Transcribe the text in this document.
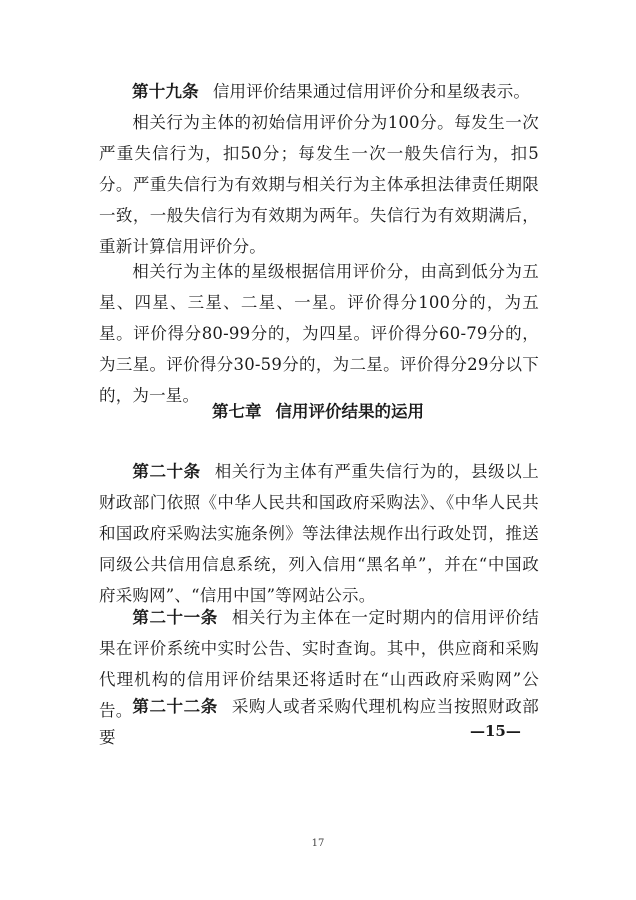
第十九条 信用评价结果通过信用评价分和星级表示。

相关行为主体的初始信用评价分为100分。每发生一次严重失信行为，扣50分；每发生一次一般失信行为，扣5分。严重失信行为有效期与相关行为主体承担法律责任期限一致，一般失信行为有效期为两年。失信行为有效期满后，重新计算信用评价分。

相关行为主体的星级根据信用评价分，由高到低分为五星、四星、三星、二星、一星。评价得分100分的，为五星。评价得分80-99分的，为四星。评价得分60-79分的，为三星。评价得分30-59分的，为二星。评价得分29分以下的，为一星。

第七章 信用评价结果的运用

第二十条 相关行为主体有严重失信行为的，县级以上财政部门依照《中华人民共和国政府采购法》、《中华人民共和国政府采购法实施条例》等法律法规作出行政处罚，推送同级公共信用信息系统，列入信用“黑名单”，并在“中国政府采购网”、“信用中国”等网站公示。

第二十一条 相关行为主体在一定时期内的信用评价结果在评价系统中实时公告、实时查询。其中，供应商和采购代理机构的信用评价结果还将适时在“山西政府采购网”公告。 第二十二条 采购人或者采购代理机构应当按照财政部要	—15—
17
